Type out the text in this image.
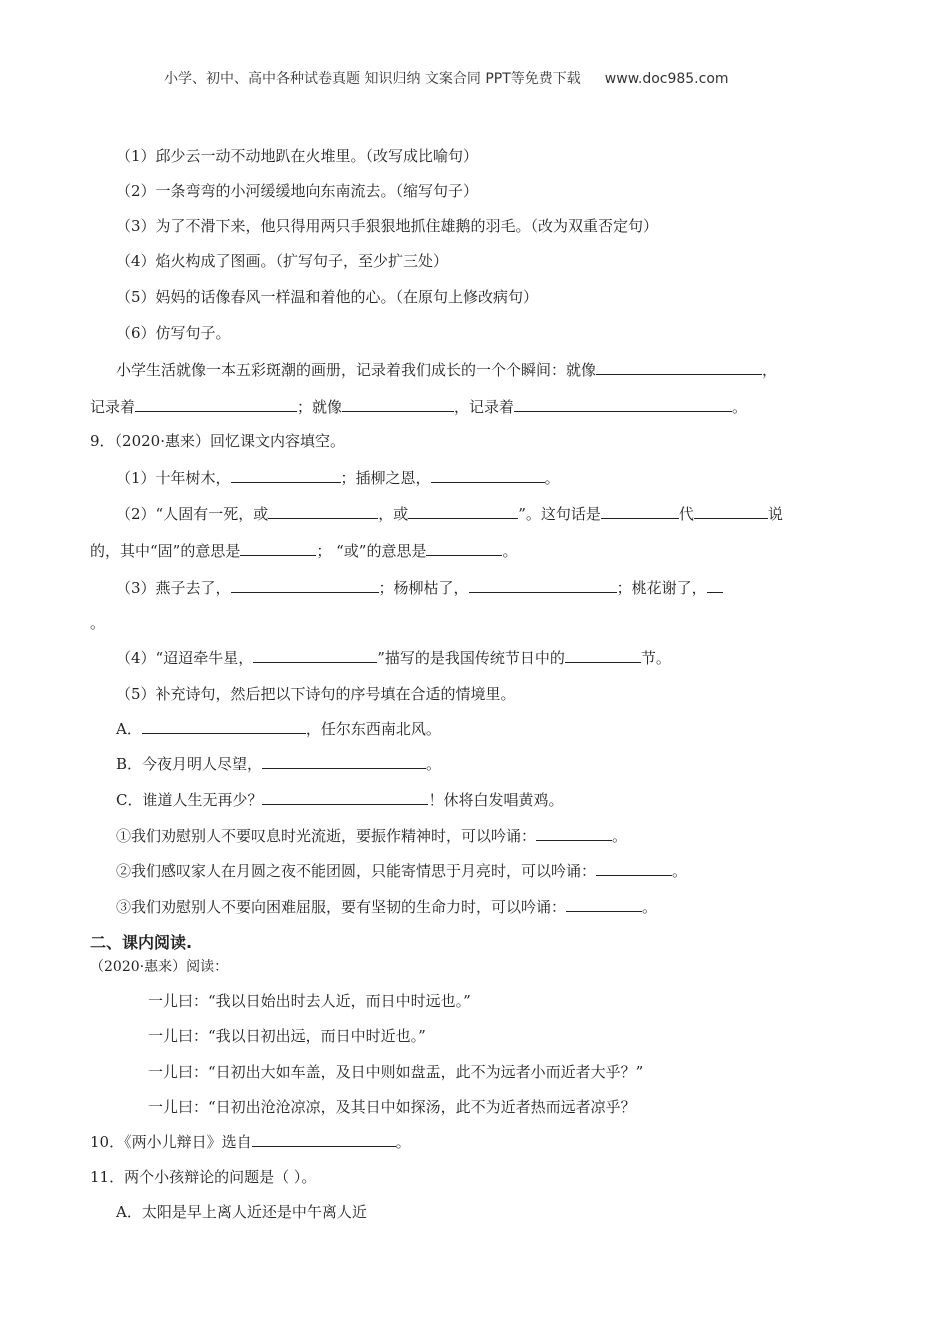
小学、初中、高中各种试卷真题 知识归纳 文案合同 PPT等免费下载 www.doc985.com
（1）邱少云一动不动地趴在火堆里。（改写成比喻句）
（2）一条弯弯的小河缓缓地向东南流去。（缩写句子）
（3）为了不滑下来，他只得用两只手狠狠地抓住雄鹅的羽毛。（改为双重否定句）
（4）焰火构成了图画。（扩写句子，至少扩三处）
（5）妈妈的话像春风一样温和着他的心。（在原句上修改病句）
（6）仿写句子。
小学生活就像一本五彩斑潮的画册，记录着我们成长的一个个瞬间：就像	，
记录着	；就像	，记录着	。
9．（2020·惠来）回忆课文内容填空。
（1）十年树木，	；插柳之恩，	。
（2）“人固有一死，或	，或	”。这句话是	代	说
的，其中“固”的意思是	； “或”的意思是	。
（3）燕子去了，	；杨柳枯了，	；桃花谢了，
。
（4）“迢迢牵牛星，	”描写的是我国传统节日中的	节。
（5）补充诗句，然后把以下诗句的序号填在合适的情境里。
A．	，任尔东西南北风。
B．今夜月明人尽望，	。
C．谁道人生无再少？	！休将白发唱黄鸡。
①我们劝慰别人不要叹息时光流逝，要振作精神时，可以吟诵：	。
②我们感叹家人在月圆之夜不能团圆，只能寄情思于月亮时，可以吟诵：	。
③我们劝慰别人不要向困难屈服，要有坚韧的生命力时，可以吟诵：	。
二、课内阅读.
（2020·惠来）阅读：
一儿曰：“我以日始出时去人近，而日中时远也。”
一儿曰：“我以日初出远，而日中时近也。”
一儿曰：“日初出大如车盖，及日中则如盘盂，此不为远者小而近者大乎？”
一儿曰：“日初出沧沧凉凉，及其日中如探汤，此不为近者热而远者凉乎？
10．《两小儿辩日》选自	。
11．两个小孩辩论的问题是（ ）。
A．太阳是早上离人近还是中午离人近
